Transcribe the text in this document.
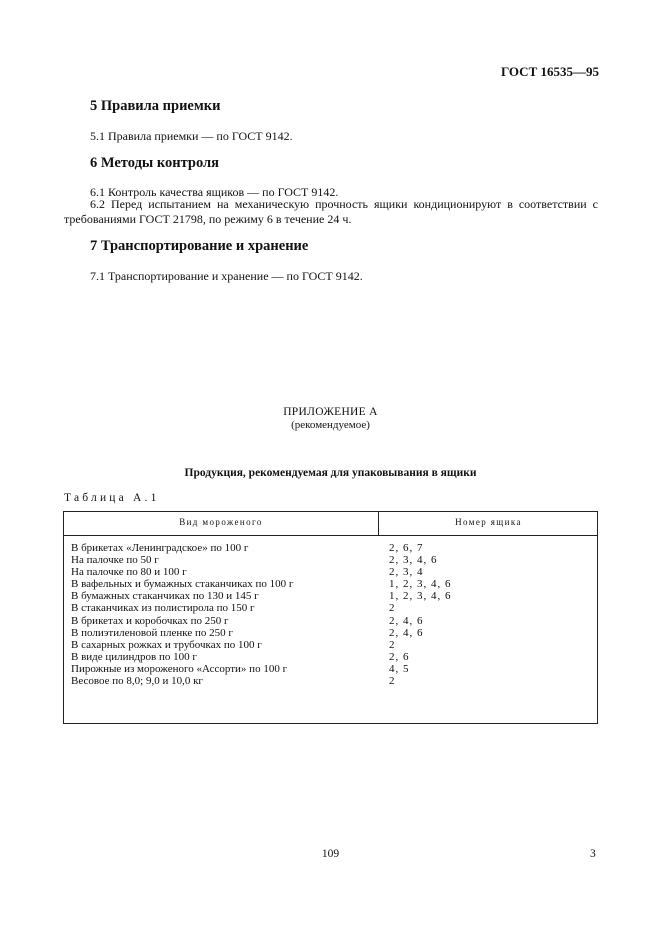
ГОСТ 16535—95
5 Правила приемки
5.1 Правила приемки — по ГОСТ 9142.
6 Методы контроля
6.1 Контроль качества ящиков — по ГОСТ 9142.
6.2 Перед испытанием на механическую прочность ящики кондиционируют в соответствии с требованиями ГОСТ 21798, по режиму 6 в течение 24 ч.
7 Транспортирование и хранение
7.1 Транспортирование и хранение — по ГОСТ 9142.
ПРИЛОЖЕНИЕ А
(рекомендуемое)
Продукция, рекомендуемая для упаковывания в ящики
Таблица А.1
Вид мороженого	Номер ящика
В брикетах «Ленинградское» по 100 г	2, 6, 7
На палочке по 50 г	2, 3, 4, 6
На палочке по 80 и 100 г	2, 3, 4
В вафельных и бумажных стаканчиках по 100 г	1, 2, 3, 4, 6
В бумажных стаканчиках по 130 и 145 г	1, 2, 3, 4, 6
В стаканчиках из полистирола по 150 г	2
В брикетах и коробочках по 250 г	2, 4, 6
В полиэтиленовой пленке по 250 г	2, 4, 6
В сахарных рожках и трубочках по 100 г	2
В виде цилиндров по 100 г	2, 6
Пирожные из мороженого «Ассорти» по 100 г	4, 5
Весовое по 8,0; 9,0 и 10,0 кг	2
109	3
